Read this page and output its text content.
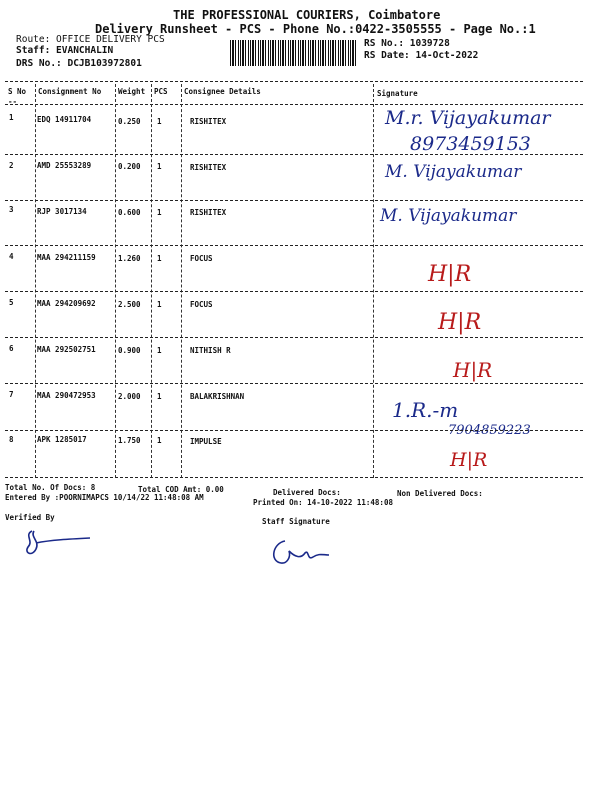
THE PROFESSIONAL COURIERS, Coimbatore
Delivery Runsheet - PCS - Phone No.:0422-3505555 - Page No.:1
Route: OFFICE DELIVERY PCS
Staff: EVANCHALIN
DRS No.: DCJB103972801
RS No.: 1039728
RS Date: 14-Oct-2022
S No Consignment No Weight PCS Consignee Details	Signature
--
1	EDQ 14911704	0.250 1	RISHITEX	M.r. Vijayakumar
8973459153
2	AMD 25553289	0.200 1	RISHITEX	M. Vijayakumar
3	RJP 3017134	0.600 1	RISHITEX	M. Vijayakumar
4	MAA 294211159	1.260 1	FOCUS
H|R
5	MAA 294209692	2.500 1	FOCUS
H|R
6	MAA 292502751	0.900 1	NITHISH R
H|R
7	MAA 290472953	2.000 1	BALAKRISHNAN
1.R.-m
7904859223
8	APK 1285017	1.750 1	IMPULSE
H|R
Total No. Of Docs: 8	Total COD Amt: 0.00	Delivered Docs:	Non Delivered Docs:
Entered By :POORNIMAPCS 10/14/22 11:48:08 AM
Printed On: 14-10-2022 11:48:08
Verified By	Staff Signature
